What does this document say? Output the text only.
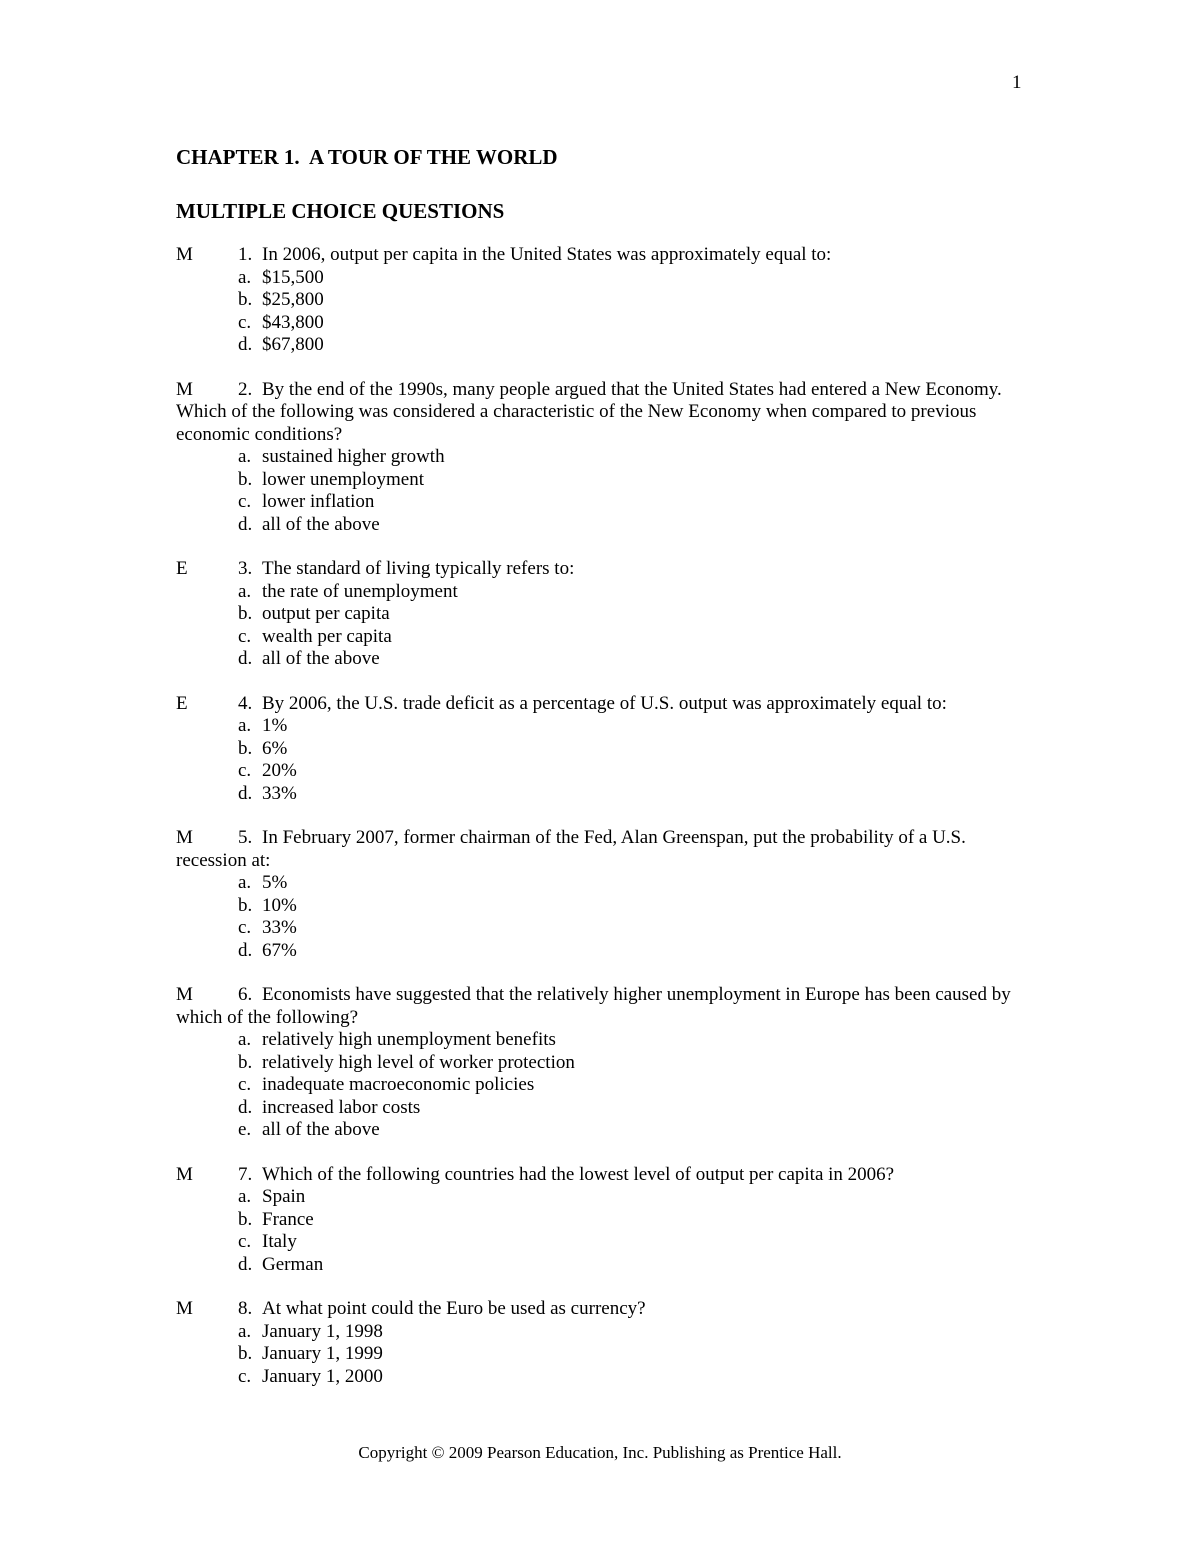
1
CHAPTER 1.  A TOUR OF THE WORLD
MULTIPLE CHOICE QUESTIONS

M 1. In 2006, output per capita in the United States was approximately equal to:

a. $15,500
b. $25,800
c. $43,800
d. $67,800

M 2. By the end of the 1990s, many people argued that the United States had entered a New Economy. Which of the following was considered a characteristic of the New Economy when compared to previous economic conditions?

a. sustained higher growth
b. lower unemployment
c. lower inflation
d. all of the above

E	3. The standard of living typically refers to:

a. the rate of unemployment
b. output per capita
c. wealth per capita
d. all of the above

E	4. By 2006, the U.S. trade deficit as a percentage of U.S. output was approximately equal to:

a. 1%
b. 6%
c. 20%
d. 33%

M 5. In February 2007, former chairman of the Fed, Alan Greenspan, put the probability of a U.S. recession at:

a. 5%
b. 10%
c. 33%
d. 67%

M 6. Economists have suggested that the relatively higher unemployment in Europe has been caused by which of the following?

a. relatively high unemployment benefits
b. relatively high level of worker protection
c. inadequate macroeconomic policies
d. increased labor costs
e. all of the above

M 7. Which of the following countries had the lowest level of output per capita in 2006?

a. Spain
b. France
c. Italy
d. German

M 8. At what point could the Euro be used as currency?

a. January 1, 1998
b. January 1, 1999
c. January 1, 2000
Copyright © 2009 Pearson Education, Inc. Publishing as Prentice Hall.
